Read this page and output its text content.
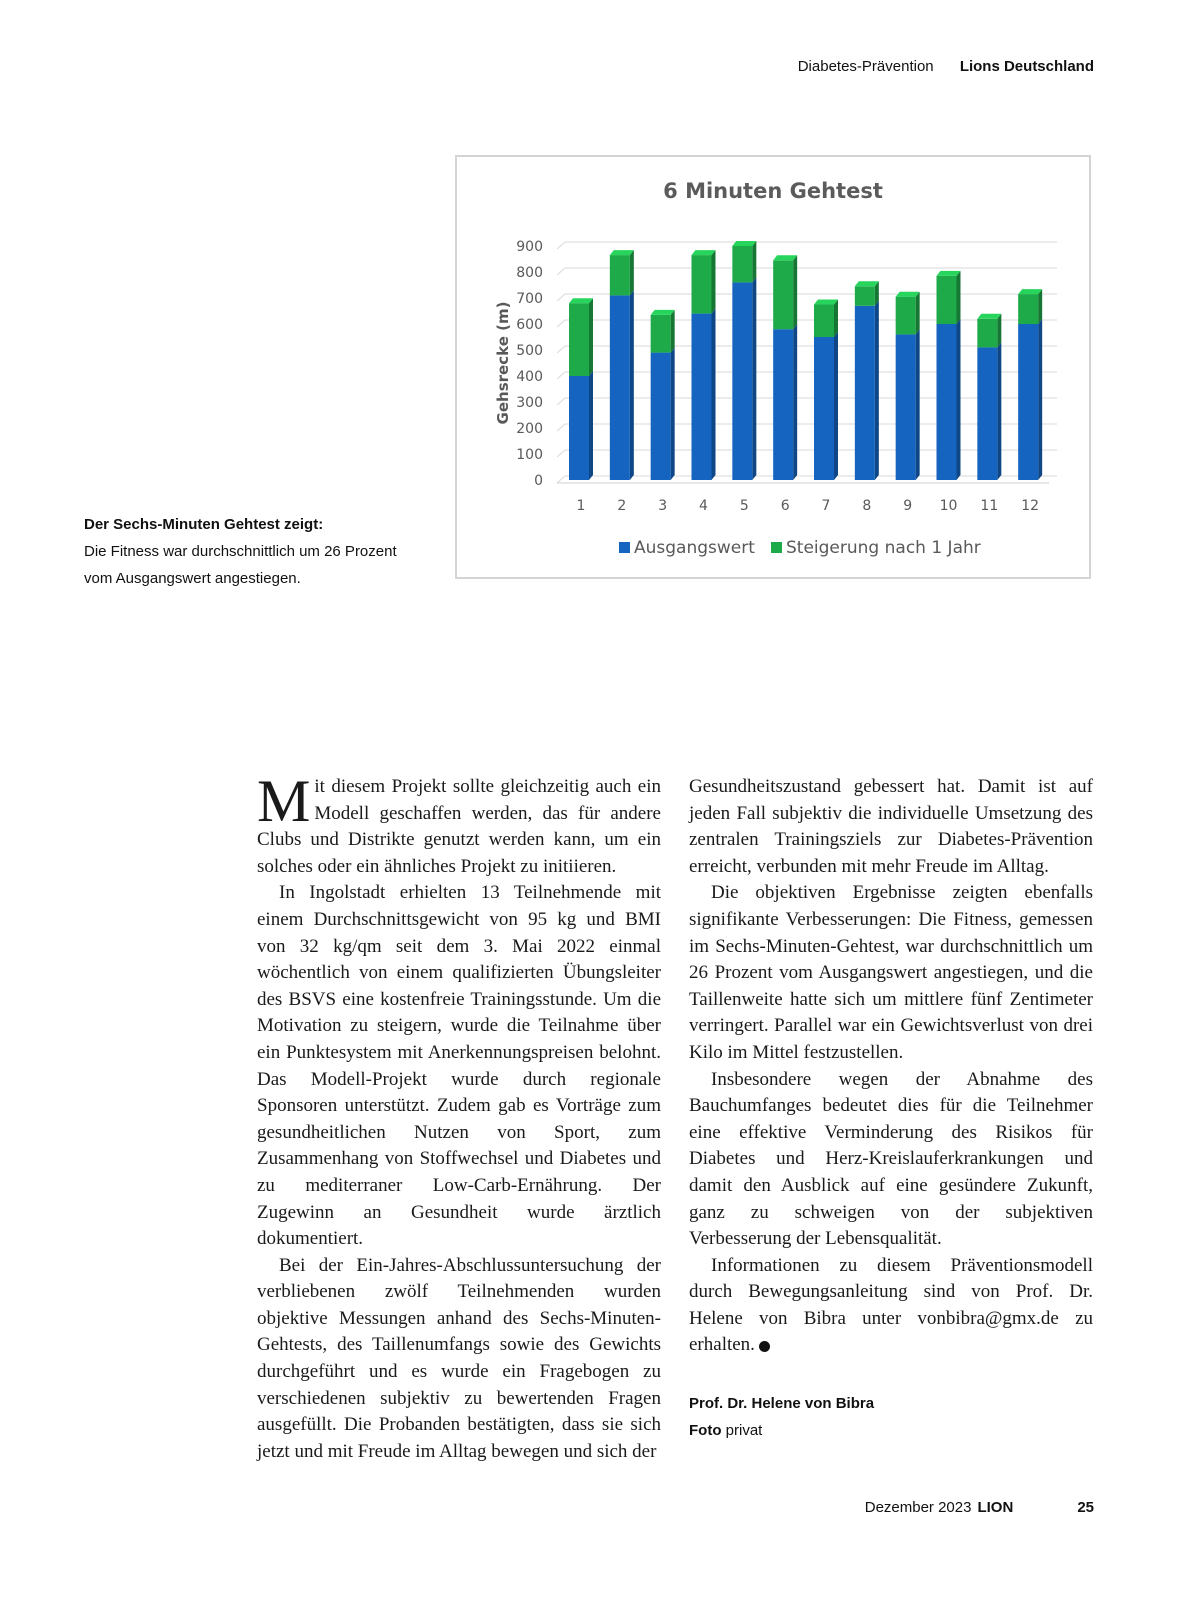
Diabetes-Prävention Lions Deutschland
6 Minuten Gehtest
0
100
200
300
400
500
600
700
800
900
Gehsrecke (m)
1 2 3 4 5 6 7 8 9 10 11 12
Ausgangswert Steigerung nach 1 Jahr
Der Sechs-Minuten Gehtest zeigt:
Die Fitness war durchschnittlich um 26 Prozent
vom Ausgangswert angestiegen.

Mit diesem Projekt sollte gleichzeitig auch ein Modell geschaffen werden, das für andere Clubs und Distrikte genutzt werden kann, um ein solches oder ein ähnliches Projekt zu initiieren.

In Ingolstadt erhielten 13 Teilnehmende mit einem Durchschnittsgewicht von 95 kg und BMI von 32 kg/qm seit dem 3. Mai 2022 einmal wöchentlich von einem qualifizierten Übungsleiter des BSVS eine kostenfreie Trainingsstunde. Um die Motivation zu steigern, wurde die Teilnahme über ein Punktesystem mit Anerkennungspreisen belohnt. Das Modell-Projekt wurde durch regionale Sponsoren unterstützt. Zudem gab es Vorträge zum gesundheitlichen Nutzen von Sport, zum Zusammenhang von Stoffwechsel und Diabetes und zu mediterraner Low-Carb-Ernährung. Der Zugewinn an Gesundheit wurde ärztlich dokumentiert.

Bei der Ein-Jahres-Abschlussuntersuchung der verbliebenen zwölf Teilnehmenden wurden objektive Messungen anhand des Sechs-Minuten-Gehtests, des Taillenumfangs sowie des Gewichts durchgeführt und es wurde ein Fragebogen zu verschiedenen subjektiv zu bewertenden Fragen ausgefüllt. Die Probanden bestätigten, dass sie sich jetzt und mit Freude im Alltag bewegen und sich der

Gesundheitszustand gebessert hat. Damit ist auf jeden Fall subjektiv die individuelle Umsetzung des zentralen Trainingsziels zur Diabetes-Prävention erreicht, verbunden mit mehr Freude im Alltag.

Die objektiven Ergebnisse zeigten ebenfalls signifikante Verbesserungen: Die Fitness, gemessen im Sechs-Minuten-Gehtest, war durchschnittlich um 26 Prozent vom Ausgangswert angestiegen, und die Taillenweite hatte sich um mittlere fünf Zentimeter verringert. Parallel war ein Gewichtsverlust von drei Kilo im Mittel festzustellen.

Insbesondere wegen der Abnahme des Bauchumfanges bedeutet dies für die Teilnehmer eine effektive Verminderung des Risikos für Diabetes und Herz-Kreislauferkrankungen und damit den Ausblick auf eine gesündere Zukunft, ganz zu schweigen von der subjektiven Verbesserung der Lebensqualität.

Informationen zu diesem Präventionsmodell durch Bewegungsanleitung sind von Prof. Dr. Helene von Bibra unter vonbibra@gmx.de zu erhalten.	L

Prof. Dr. Helene von Bibra
Foto privat
Dezember 2023 LION	25
